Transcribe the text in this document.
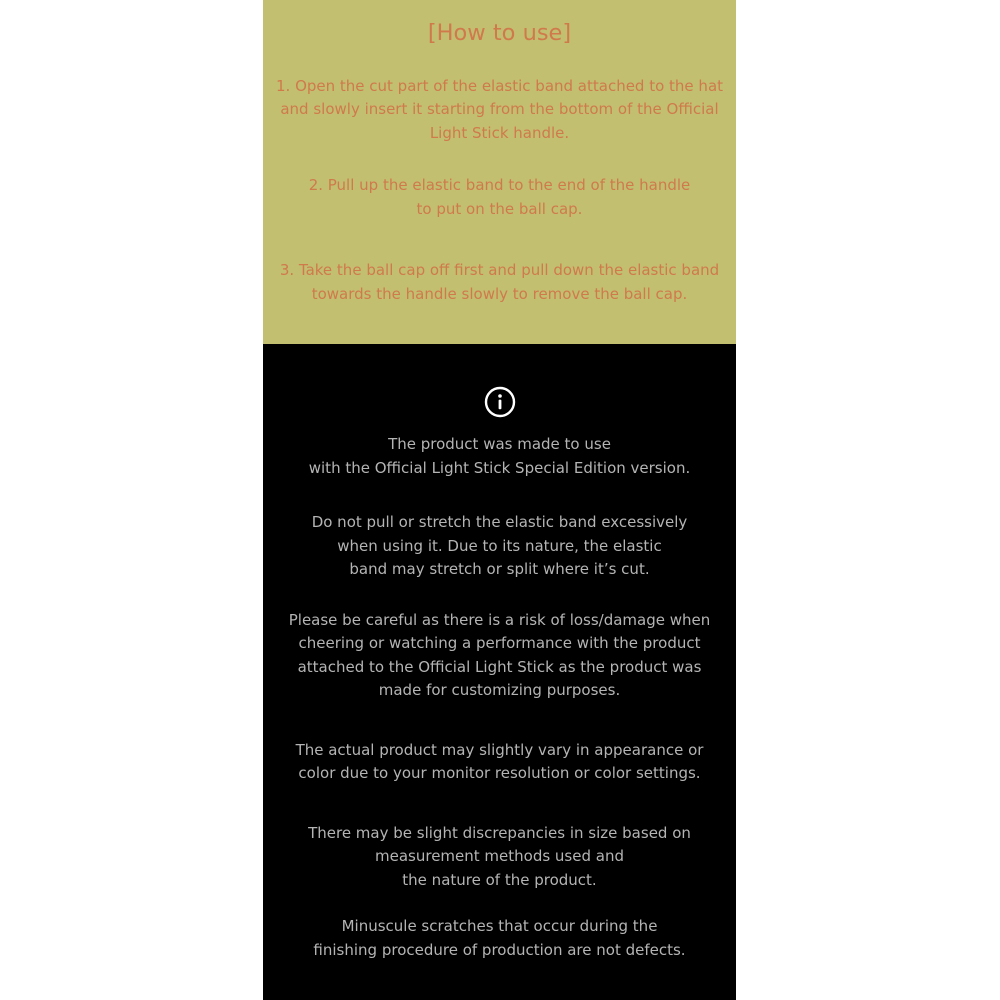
[How to use]

1. Open the cut part of the elastic band attached to the hat
and slowly insert it starting from the bottom of the Official
Light Stick handle.

2. Pull up the elastic band to the end of the handle
to put on the ball cap.

3. Take the ball cap off first and pull down the elastic band
towards the handle slowly to remove the ball cap.

The product was made to use
with the Official Light Stick Special Edition version.

Do not pull or stretch the elastic band excessively
when using it. Due to its nature, the elastic
band may stretch or split where it’s cut.

Please be careful as there is a risk of loss/damage when
cheering or watching a performance with the product
attached to the Official Light Stick as the product was
made for customizing purposes.

The actual product may slightly vary in appearance or
color due to your monitor resolution or color settings.

There may be slight discrepancies in size based on
measurement methods used and
the nature of the product.

Minuscule scratches that occur during the
finishing procedure of production are not defects.
